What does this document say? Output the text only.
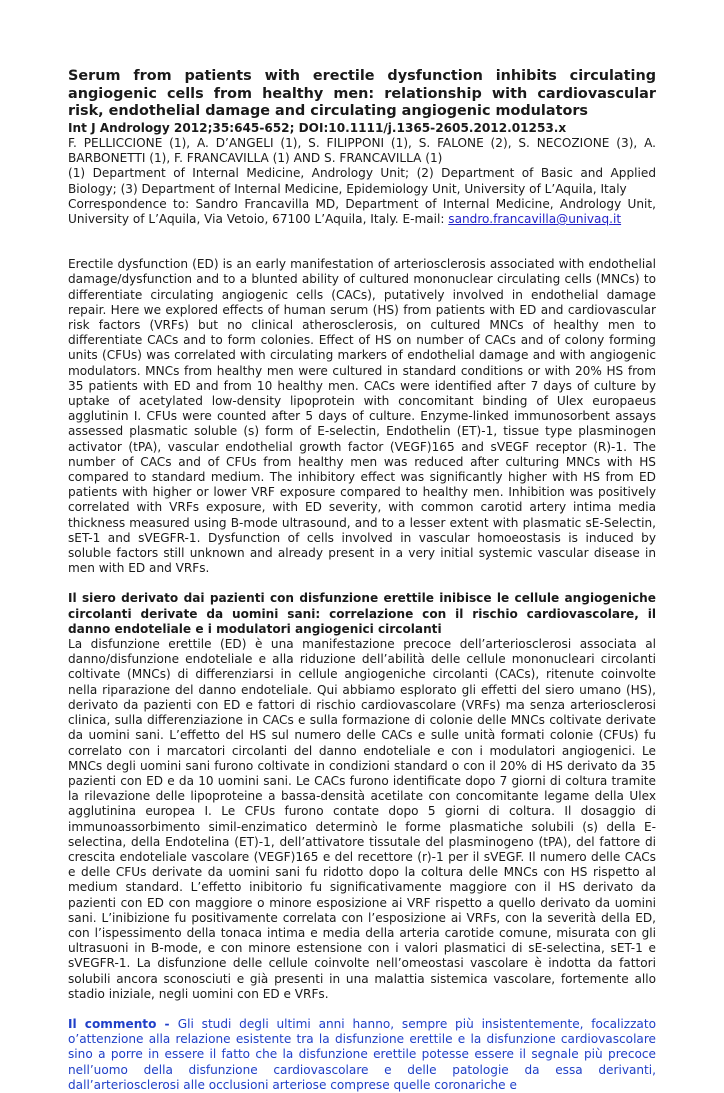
Serum from patients with erectile dysfunction inhibits circulating angiogenic cells from healthy men: relationship with cardiovascular risk, endothelial damage and circulating angiogenic modulators

Int J Andrology 2012;35:645-652; DOI:10.1111/j.1365-2605.2012.01253.x

F. PELLICCIONE (1), A. D’ANGELI (1), S. FILIPPONI (1), S. FALONE (2), S. NECOZIONE (3), A. BARBONETTI (1), F. FRANCAVILLA (1) AND S. FRANCAVILLA (1)

(1) Department of Internal Medicine, Andrology Unit; (2) Department of Basic and Applied Biology; (3) Department of Internal Medicine, Epidemiology Unit, University of L’Aquila, Italy

Correspondence to: Sandro Francavilla MD, Department of Internal Medicine, Andrology Unit, University of L’Aquila, Via Vetoio, 67100 L’Aquila, Italy. E-mail: sandro.francavilla@univaq.it

Erectile dysfunction (ED) is an early manifestation of arteriosclerosis associated with endothelial damage/dysfunction and to a blunted ability of cultured mononuclear circulating cells (MNCs) to differentiate circulating angiogenic cells (CACs), putatively involved in endothelial damage repair. Here we explored effects of human serum (HS) from patients with ED and cardiovascular risk factors (VRFs) but no clinical atherosclerosis, on cultured MNCs of healthy men to differentiate CACs and to form colonies. Effect of HS on number of CACs and of colony forming units (CFUs) was correlated with circulating markers of endothelial damage and with angiogenic modulators. MNCs from healthy men were cultured in standard conditions or with 20% HS from 35 patients with ED and from 10 healthy men. CACs were identified after 7 days of culture by uptake of acetylated low-density lipoprotein with concomitant binding of Ulex europaeus agglutinin I. CFUs were counted after 5 days of culture. Enzyme-linked immunosorbent assays assessed plasmatic soluble (s) form of E-selectin, Endothelin (ET)-1, tissue type plasminogen activator (tPA), vascular endothelial growth factor (VEGF)165 and sVEGF receptor (R)-1. The number of CACs and of CFUs from healthy men was reduced after culturing MNCs with HS compared to standard medium. The inhibitory effect was significantly higher with HS from ED patients with higher or lower VRF exposure compared to healthy men. Inhibition was positively correlated with VRFs exposure, with ED severity, with common carotid artery intima media thickness measured using B-mode ultrasound, and to a lesser extent with plasmatic sE-Selectin, sET-1 and sVEGFR-1. Dysfunction of cells involved in vascular homoeostasis is induced by soluble factors still unknown and already present in a very initial systemic vascular disease in men with ED and VRFs.

Il siero derivato dai pazienti con disfunzione erettile inibisce le cellule angiogeniche circolanti derivate da uomini sani: correlazione con il rischio cardiovascolare, il danno endoteliale e i modulatori angiogenici circolanti

La disfunzione erettile (ED) è una manifestazione precoce dell’arteriosclerosi associata al danno/disfunzione endoteliale e alla riduzione dell’abilità delle cellule mononucleari circolanti coltivate (MNCs) di differenziarsi in cellule angiogeniche circolanti (CACs), ritenute coinvolte nella riparazione del danno endoteliale. Qui abbiamo esplorato gli effetti del siero umano (HS), derivato da pazienti con ED e fattori di rischio cardiovascolare (VRFs) ma senza arteriosclerosi clinica, sulla differenziazione in CACs e sulla formazione di colonie delle MNCs coltivate derivate da uomini sani. L’effetto del HS sul numero delle CACs e sulle unità formati colonie (CFUs) fu correlato con i marcatori circolanti del danno endoteliale e con i modulatori angiogenici. Le MNCs degli uomini sani furono coltivate in condizioni standard o con il 20% di HS derivato da 35 pazienti con ED e da 10 uomini sani. Le CACs furono identificate dopo 7 giorni di coltura tramite la rilevazione delle lipoproteine a bassa-densità acetilate con concomitante legame della Ulex agglutinina europea I. Le CFUs furono contate dopo 5 giorni di coltura. Il dosaggio di immunoassorbimento simil-enzimatico determinò le forme plasmatiche solubili (s) della E-selectina, della Endotelina (ET)-1, dell’attivatore tissutale del plasminogeno (tPA), del fattore di crescita endoteliale vascolare (VEGF)165 e del recettore (r)-1 per il sVEGF. Il numero delle CACs e delle CFUs derivate da uomini sani fu ridotto dopo la coltura delle MNCs con HS rispetto al medium standard. L’effetto inibitorio fu significativamente maggiore con il HS derivato da pazienti con ED con maggiore o minore esposizione ai VRF rispetto a quello derivato da uomini sani. L’inibizione fu positivamente correlata con l’esposizione ai VRFs, con la severità della ED, con l’ispessimento della tonaca intima e media della arteria carotide comune, misurata con gli ultrasuoni in B-mode, e con minore estensione con i valori plasmatici di sE-selectina, sET-1 e sVEGFR-1. La disfunzione delle cellule coinvolte nell’omeostasi vascolare è indotta da fattori solubili ancora sconosciuti e già presenti in una malattia sistemica vascolare, fortemente allo stadio iniziale, negli uomini con ED e VRFs.

Il commento - Gli studi degli ultimi anni hanno, sempre più insistentemente, focalizzato o’attenzione alla relazione esistente tra la disfunzione erettile e la disfunzione cardiovascolare sino a porre in essere il fatto che la disfunzione erettile potesse essere il segnale più precoce nell’uomo della disfunzione cardiovascolare e delle patologie da essa derivanti, dall’arteriosclerosi alle occlusioni arteriose comprese quelle coronariche e
